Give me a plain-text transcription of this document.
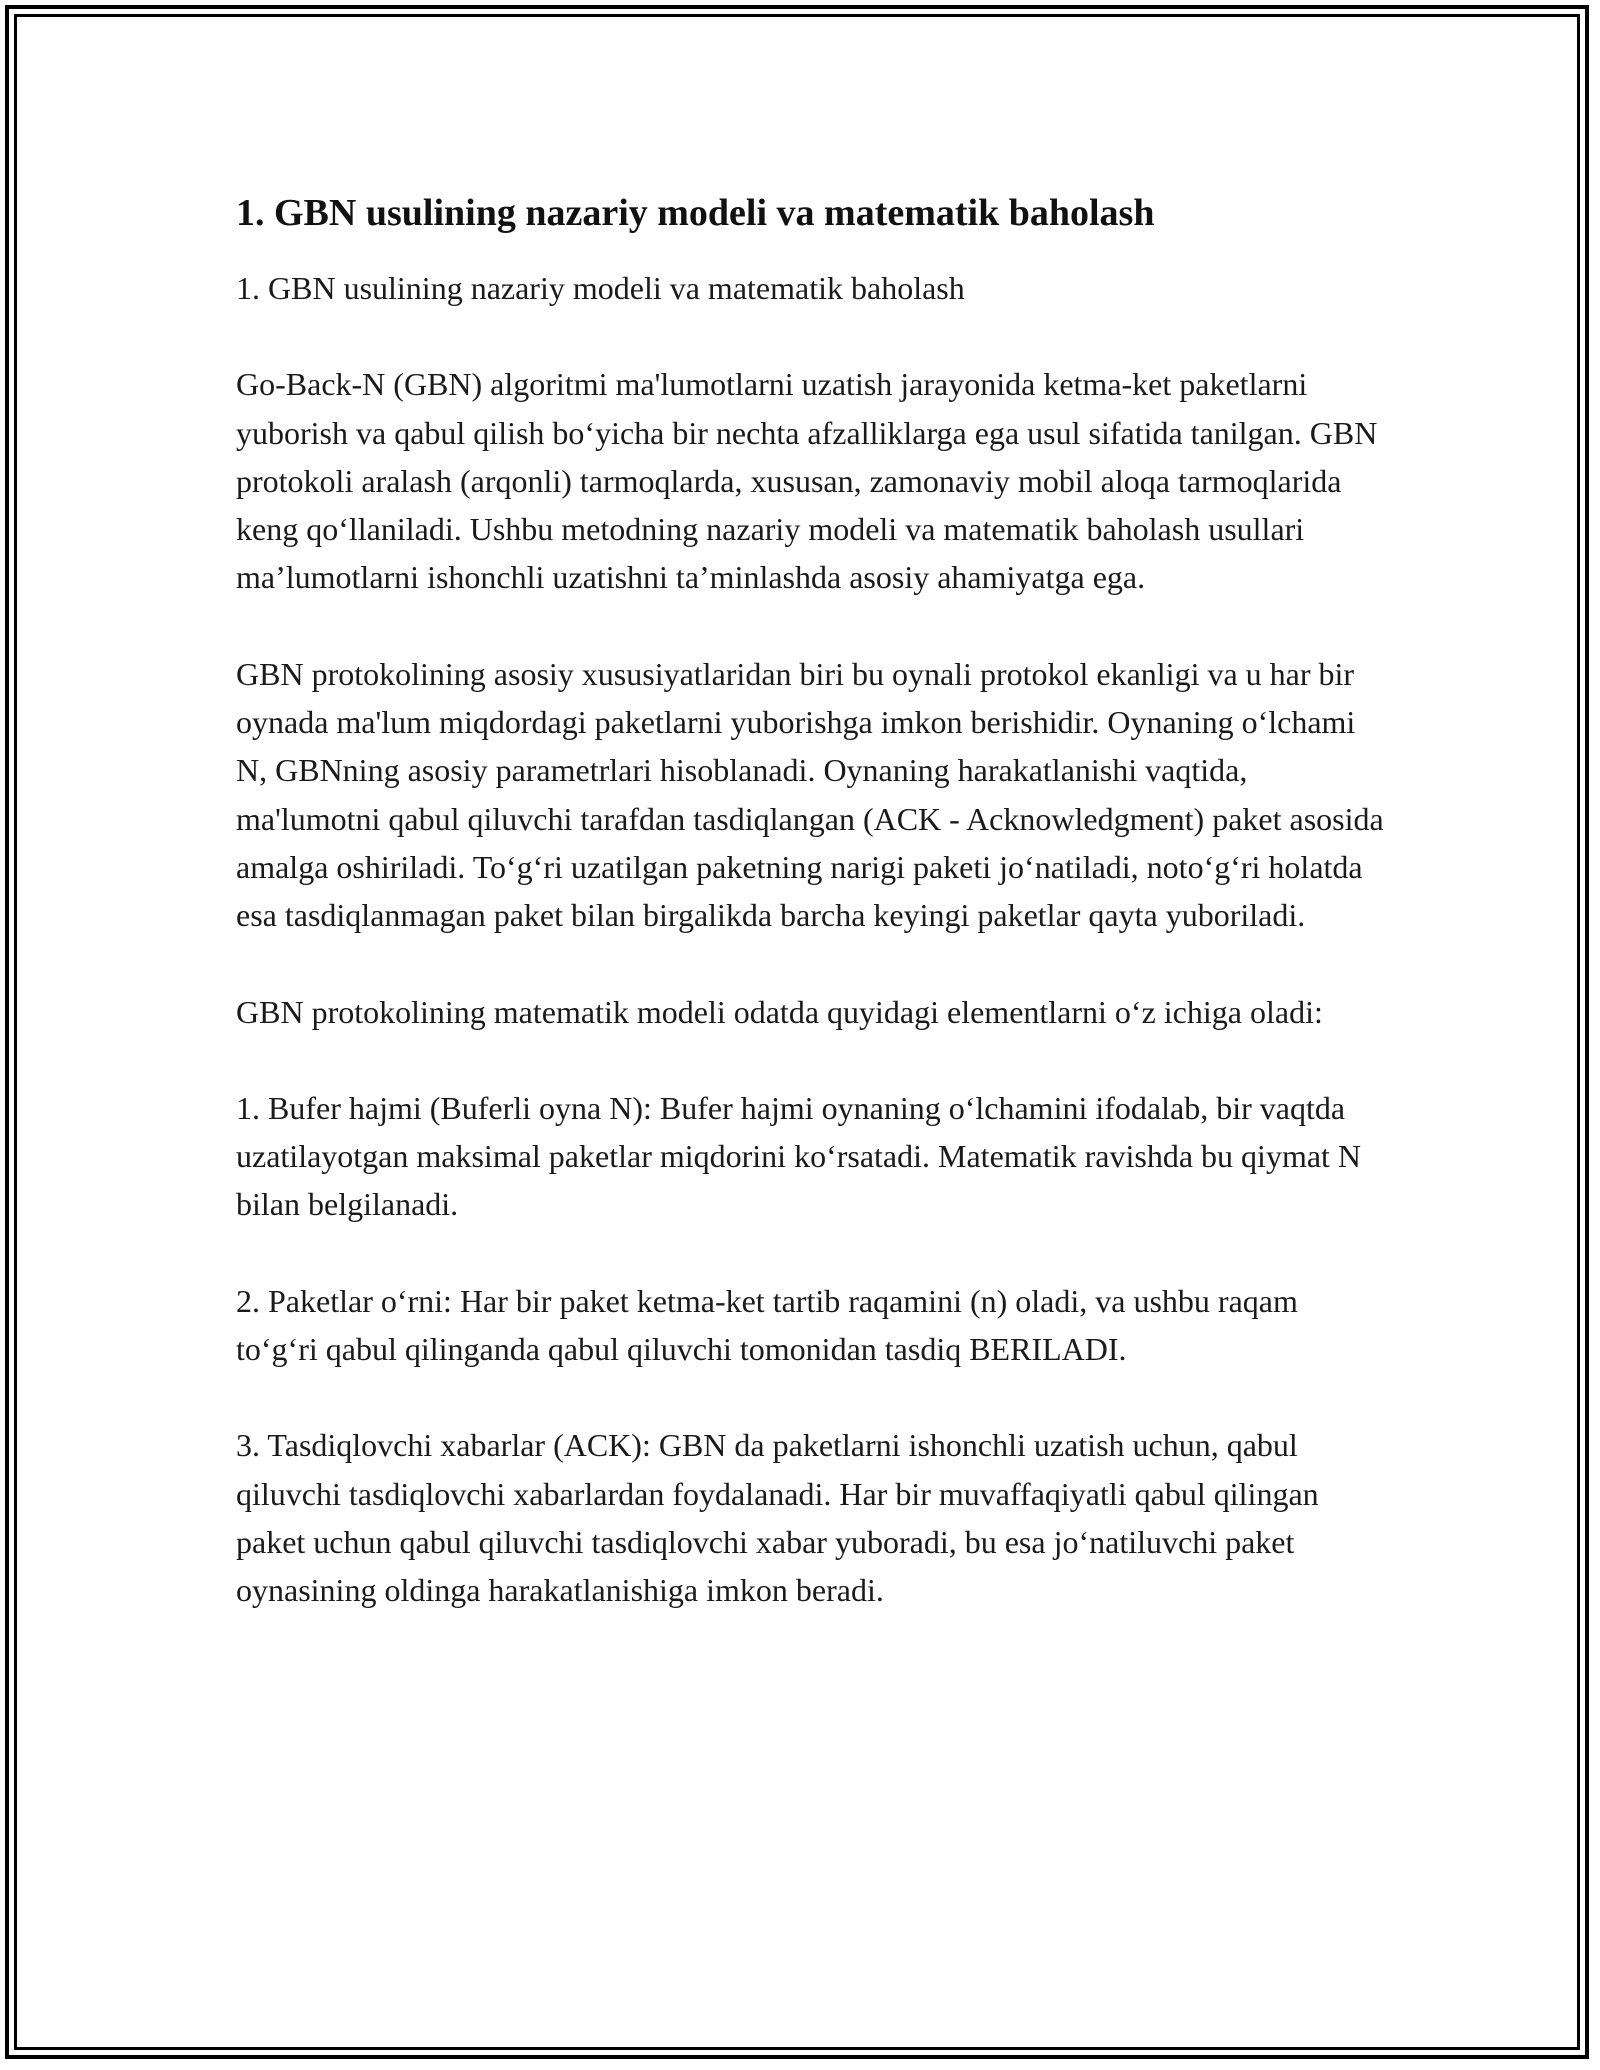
1. GBN usulining nazariy modeli va matematik baholash

1. GBN usulining nazariy modeli va matematik baholash

Go-Back-N (GBN) algoritmi ma'lumotlarni uzatish jarayonida ketma-ket paketlarni yuborish va qabul qilish bo‘yicha bir nechta afzalliklarga ega usul sifatida tanilgan. GBN protokoli aralash (arqonli) tarmoqlarda, xususan, zamonaviy mobil aloqa tarmoqlarida keng qo‘llaniladi. Ushbu metodning nazariy modeli va matematik baholash usullari ma’lumotlarni ishonchli uzatishni ta’minlashda asosiy ahamiyatga ega.

GBN protokolining asosiy xususiyatlaridan biri bu oynali protokol ekanligi va u har bir oynada ma'lum miqdordagi paketlarni yuborishga imkon berishidir. Oynaning o‘lchami N, GBNning asosiy parametrlari hisoblanadi. Oynaning harakatlanishi vaqtida, ma'lumotni qabul qiluvchi tarafdan tasdiqlangan (ACK - Acknowledgment) paket asosida amalga oshiriladi. To‘g‘ri uzatilgan paketning narigi paketi jo‘natiladi, noto‘g‘ri holatda esa tasdiqlanmagan paket bilan birgalikda barcha keyingi paketlar qayta yuboriladi.

GBN protokolining matematik modeli odatda quyidagi elementlarni o‘z ichiga oladi:

1. Bufer hajmi (Buferli oyna N): Bufer hajmi oynaning o‘lchamini ifodalab, bir vaqtda uzatilayotgan maksimal paketlar miqdorini ko‘rsatadi. Matematik ravishda bu qiymat N bilan belgilanadi.

2. Paketlar o‘rni: Har bir paket ketma-ket tartib raqamini (n) oladi, va ushbu raqam to‘g‘ri qabul qilinganda qabul qiluvchi tomonidan tasdiq BERILADI.

3. Tasdiqlovchi xabarlar (ACK): GBN da paketlarni ishonchli uzatish uchun, qabul qiluvchi tasdiqlovchi xabarlardan foydalanadi. Har bir muvaffaqiyatli qabul qilingan paket uchun qabul qiluvchi tasdiqlovchi xabar yuboradi, bu esa jo‘natiluvchi paket oynasining oldinga harakatlanishiga imkon beradi.
